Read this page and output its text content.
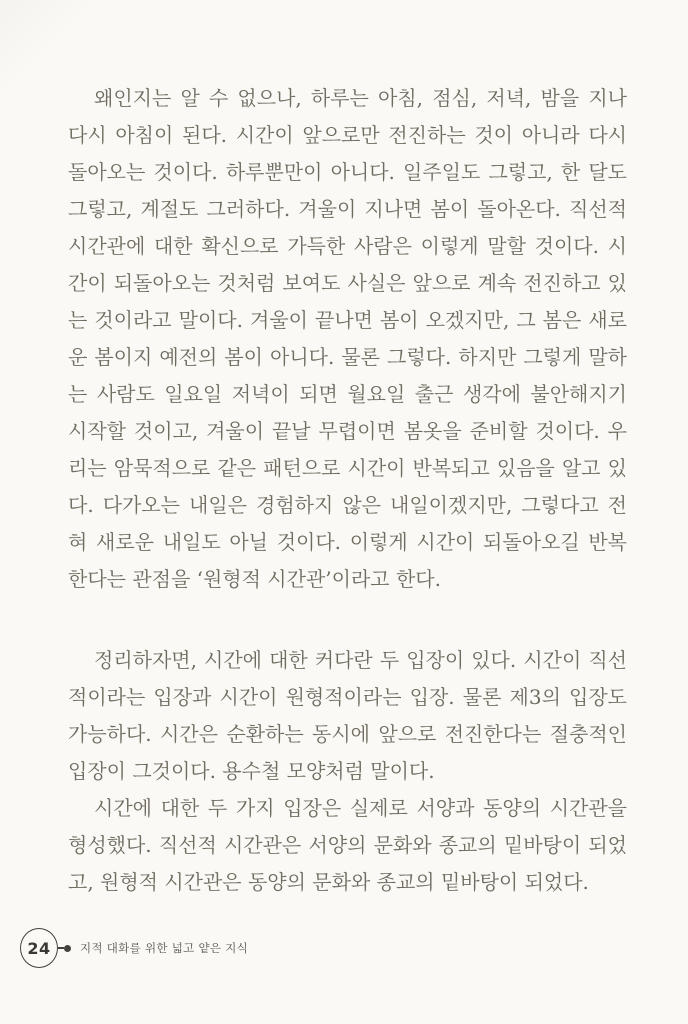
왜인지는 알 수 없으나, 하루는 아침, 점심, 저녁, 밤을 지나 다시 아침이 된다. 시간이 앞으로만 전진하는 것이 아니라 다시 돌아오는 것이다. 하루뿐만이 아니다. 일주일도 그렇고, 한 달도 그렇고, 계절도 그러하다. 겨울이 지나면 봄이 돌아온다. 직선적 시간관에 대한 확신으로 가득한 사람은 이렇게 말할 것이다. 시간이 되돌아오는 것처럼 보여도 사실은 앞으로 계속 전진하고 있는 것이라고 말이다. 겨울이 끝나면 봄이 오겠지만, 그 봄은 새로운 봄이지 예전의 봄이 아니다. 물론 그렇다. 하지만 그렇게 말하는 사람도 일요일 저녁이 되면 월요일 출근 생각에 불안해지기 시작할 것이고, 겨울이 끝날 무렵이면 봄옷을 준비할 것이다. 우리는 암묵적으로 같은 패턴으로 시간이 반복되고 있음을 알고 있다. 다가오는 내일은 경험하지 않은 내일이겠지만, 그렇다고 전혀 새로운 내일도 아닐 것이다. 이렇게 시간이 되돌아오길 반복한다는 관점을 ‘원형적 시간관’이라고 한다.

정리하자면, 시간에 대한 커다란 두 입장이 있다. 시간이 직선적이라는 입장과 시간이 원형적이라는 입장. 물론 제3의 입장도 가능하다. 시간은 순환하는 동시에 앞으로 전진한다는 절충적인 입장이 그것이다. 용수철 모양처럼 말이다.

시간에 대한 두 가지 입장은 실제로 서양과 동양의 시간관을 형성했다. 직선적 시간관은 서양의 문화와 종교의 밑바탕이 되었고, 원형적 시간관은 동양의 문화와 종교의 밑바탕이 되었다.

24	지적 대화를 위한 넓고 얕은 지식
